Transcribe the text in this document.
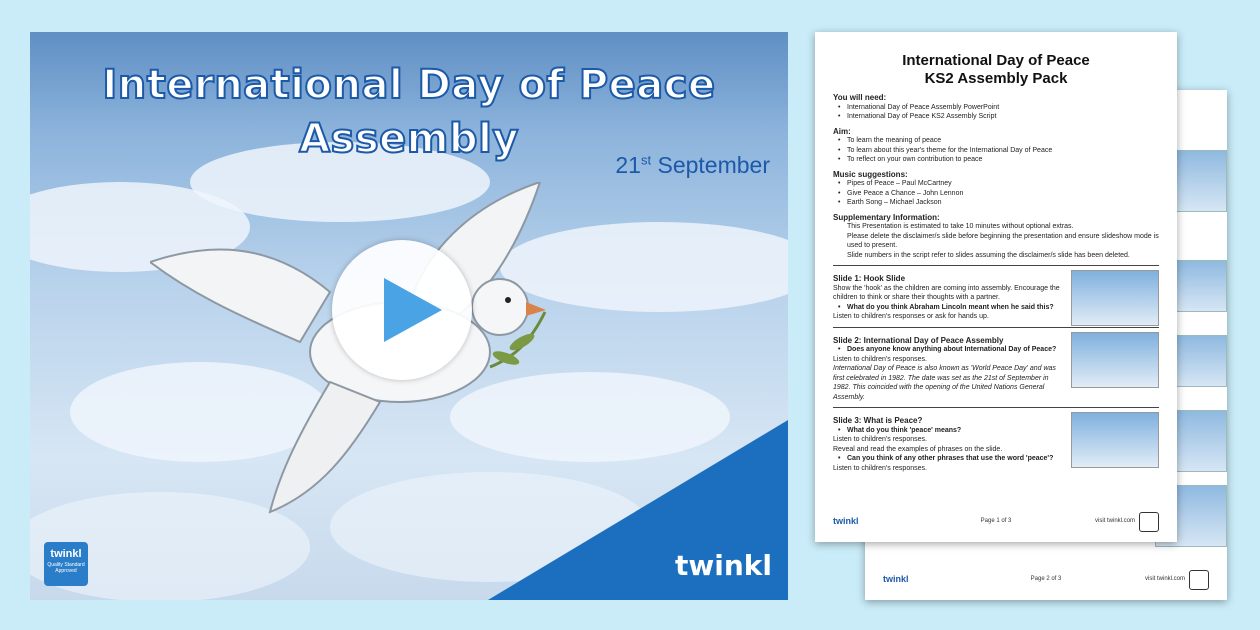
International Day of Peace
Assembly
21st September
twinkl
Quality Standard Approved	twinkl	twinkl	Page 2 of 3	visit twinkl.com
International Day of Peace
KS2 Assembly Pack
You will need:
• International Day of Peace Assembly PowerPoint
• International Day of Peace KS2 Assembly Script
Aim:
• To learn the meaning of peace
• To learn about this year's theme for the International Day of Peace
• To reflect on your own contribution to peace
Music suggestions:
• Pipes of Peace – Paul McCartney
• Give Peace a Chance – John Lennon
• Earth Song – Michael Jackson
Supplementary Information:
This Presentation is estimated to take 10 minutes without optional extras.
Please delete the disclaimer/s slide before beginning the presentation and ensure slideshow mode is used to present.
Slide numbers in the script refer to slides assuming the disclaimer/s slide has been deleted.
Slide 1: Hook Slide
Show the 'hook' as the children are coming into assembly. Encourage the children to think or share their thoughts with a partner.
• What do you think Abraham Lincoln meant when he said this?
Listen to children's responses or ask for hands up.
Slide 2: International Day of Peace Assembly
• Does anyone know anything about International Day of Peace?
Listen to children's responses.
International Day of Peace is also known as 'World Peace Day' and was first celebrated in 1982. The date was set as the 21st of September in 1982. This coincided with the opening of the United Nations General Assembly.
Slide 3: What is Peace?
• What do you think 'peace' means?
Listen to children's responses.
Reveal and read the examples of phrases on the slide.
• Can you think of any other phrases that use the word 'peace'?
Listen to children's responses.
twinkl	Page 1 of 3	visit twinkl.com
